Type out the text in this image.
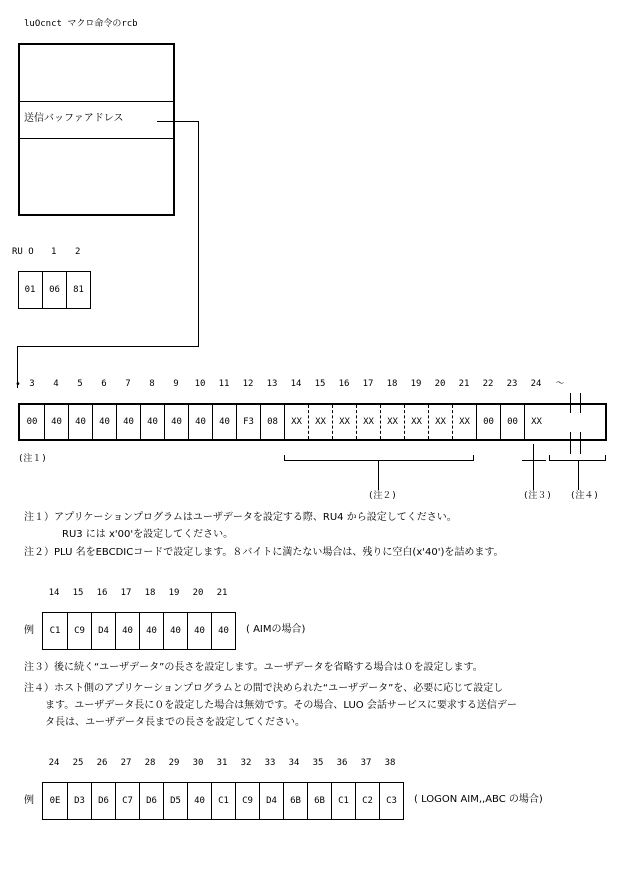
luOcnct マクロ命令のrcb
送信バッファアドレス
RU O 1 2
01	06	81
• 3	4	5	6	7	8	9	10	11	12	13	14	15	16	17	18	19	20	21	22	23	24	〜
00	40	40	40	40	40	40	40	40	F3	08	XX	XX	XX	XX	XX	XX	XX	XX	00	00	XX
(注１)
(注２)	(注３) (注４)
注１）アプリケーションプログラムはユーザデータを設定する際、RU4 から設定してください。
RU3 には x'00'を設定してください。
注２）PLU 名をEBCDICコードで設定します。８バイトに満たない場合は、残りに空白(x'40')を詰めます。
14	15	16	17	18	19	20	21
例	C1	C9	D4	40	40	40	40	40	( AIMの場合)
注３）後に続く“ユーザデータ”の長さを設定します。ユーザデータを省略する場合は０を設定します。
注４）ホスト側のアプリケーションプログラムとの間で決められた“ユーザデータ”を、必要に応じて設定し
ます。ユーザデータ長に０を設定した場合は無効です。その場合、LUO 会話サービスに要求する送信デー
タ長は、ユーザデータ長までの長さを設定してください。
24	25	26	27	28	29	30	31	32	33	34	35	36	37	38
例	0E	D3	D6	C7	D6	D5	40	C1	C9	D4	6B	6B	C1	C2	C3	( LOGON AIM,,ABC の場合)
